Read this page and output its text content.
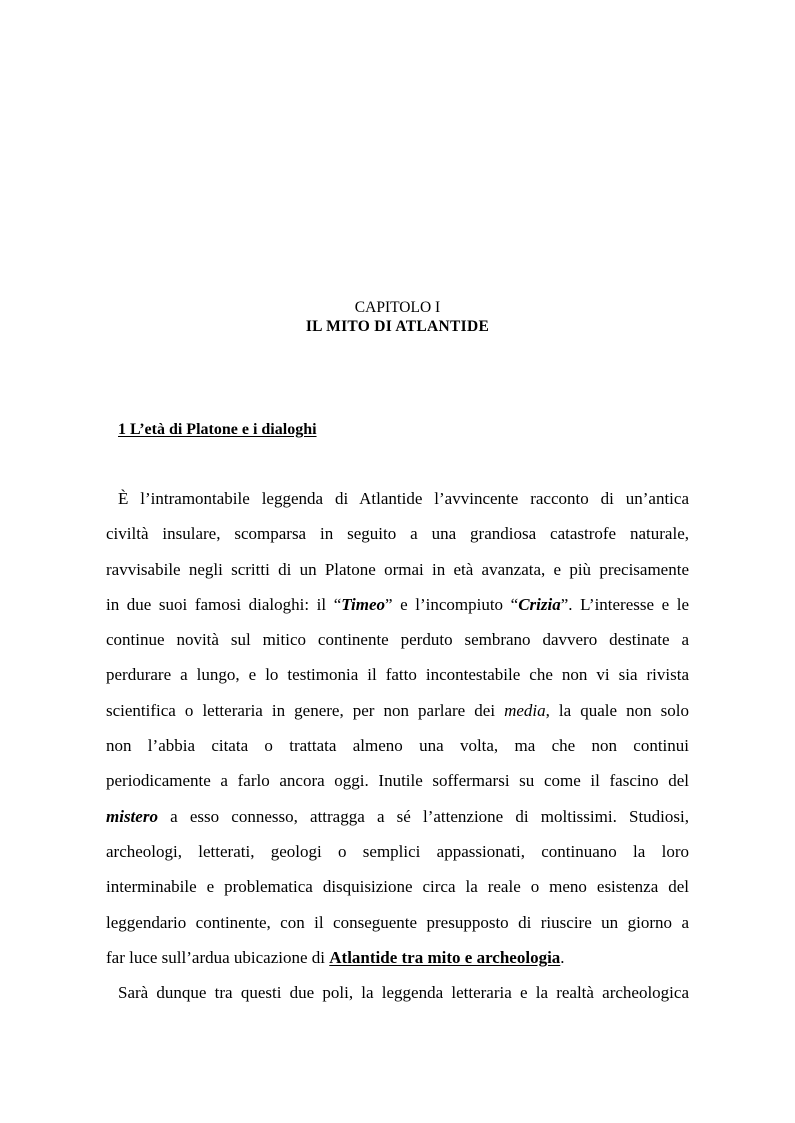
CAPITOLO I
IL MITO DI ATLANTIDE
1 L’età di Platone e i dialoghi
È l’intramontabile leggenda di Atlantide l’avvincente racconto di un’antica
civiltà insulare, scomparsa in seguito a una grandiosa catastrofe naturale,
ravvisabile negli scritti di un Platone ormai in età avanzata, e più precisamente
in due suoi famosi dialoghi: il “Timeo” e l’incompiuto “Crizia”. L’interesse e le
continue novità sul mitico continente perduto sembrano davvero destinate a
perdurare a lungo, e lo testimonia il fatto incontestabile che non vi sia rivista
scientifica o letteraria in genere, per non parlare dei media, la quale non solo
non l’abbia citata o trattata almeno una volta, ma che non continui
periodicamente a farlo ancora oggi. Inutile soffermarsi su come il fascino del
mistero a esso connesso, attragga a sé l’attenzione di moltissimi. Studiosi,
archeologi, letterati, geologi o semplici appassionati, continuano la loro
interminabile e problematica disquisizione circa la reale o meno esistenza del
leggendario continente, con il conseguente presupposto di riuscire un giorno a
far luce sull’ardua ubicazione di Atlantide tra mito e archeologia.
Sarà dunque tra questi due poli, la leggenda letteraria e la realtà archeologica
